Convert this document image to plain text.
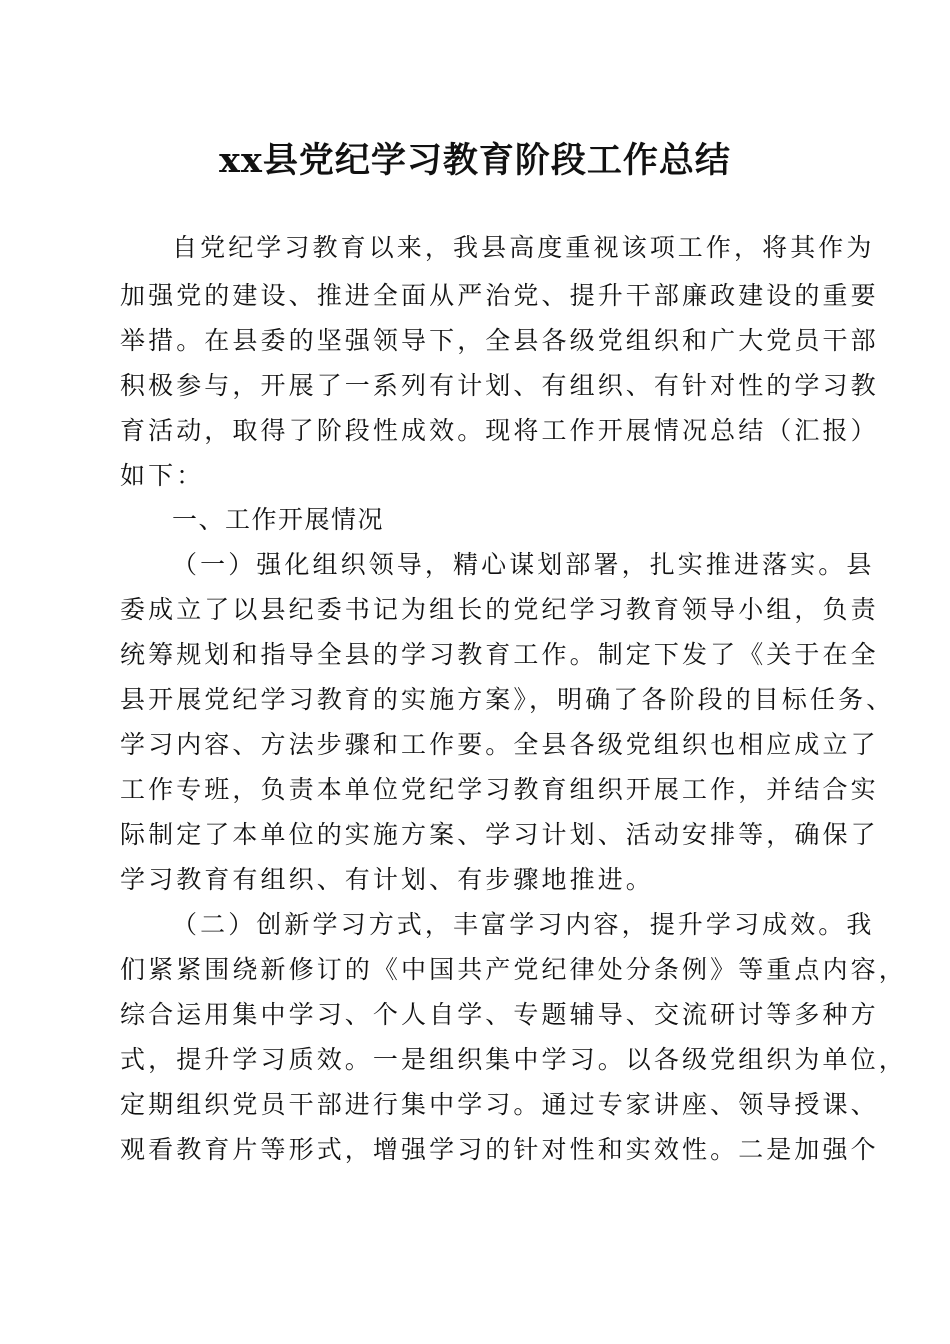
xx县党纪学习教育阶段工作总结
自党纪学习教育以来，我县高度重视该项工作，将其作为
加强党的建设、推进全面从严治党、提升干部廉政建设的重要
举措。在县委的坚强领导下，全县各级党组织和广大党员干部
积极参与，开展了一系列有计划、有组织、有针对性的学习教
育活动，取得了阶段性成效。现将工作开展情况总结（汇报）
如下：
一、工作开展情况
（一）强化组织领导，精心谋划部署，扎实推进落实。县
委成立了以县纪委书记为组长的党纪学习教育领导小组，负责
统筹规划和指导全县的学习教育工作。制定下发了《关于在全
县开展党纪学习教育的实施方案》，明确了各阶段的目标任务、
学习内容、方法步骤和工作要。全县各级党组织也相应成立了
工作专班，负责本单位党纪学习教育组织开展工作，并结合实
际制定了本单位的实施方案、学习计划、活动安排等，确保了
学习教育有组织、有计划、有步骤地推进。
（二）创新学习方式，丰富学习内容，提升学习成效。我
们紧紧围绕新修订的《中国共产党纪律处分条例》等重点内容，
综合运用集中学习、个人自学、专题辅导、交流研讨等多种方
式，提升学习质效。一是组织集中学习。以各级党组织为单位，
定期组织党员干部进行集中学习。通过专家讲座、领导授课、
观看教育片等形式，增强学习的针对性和实效性。二是加强个
